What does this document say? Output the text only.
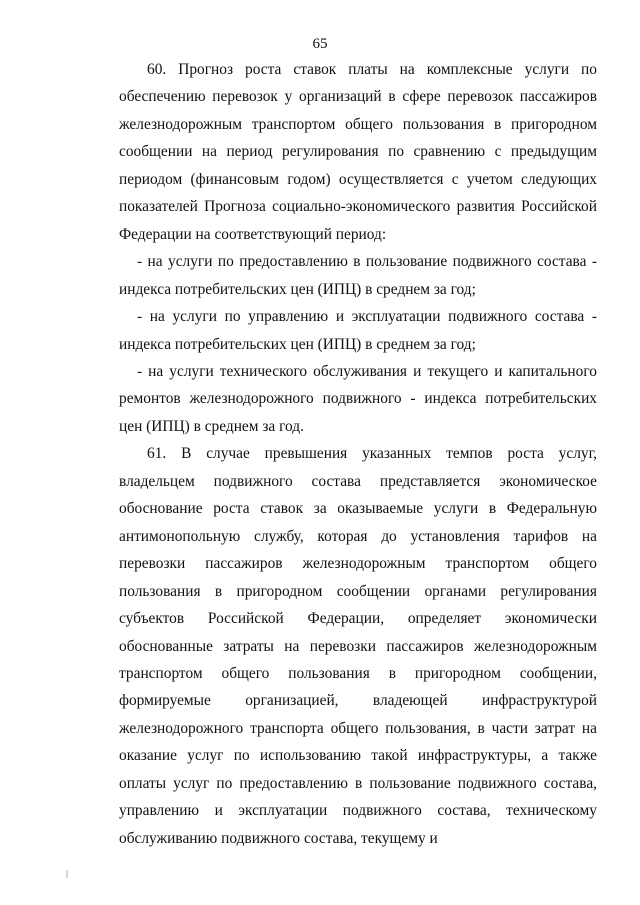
65

60. Прогноз роста ставок платы на комплексные услуги по обеспечению перевозок у организаций в сфере перевозок пассажиров железнодорожным транспортом общего пользования в пригородном сообщении на период регулирования по сравнению с предыдущим периодом (финансовым годом) осуществляется с учетом следующих показателей Прогноза социально-экономического развития Российской Федерации на соответствующий период:

- на услуги по предоставлению в пользование подвижного состава - индекса потребительских цен (ИПЦ) в среднем за год;

- на услуги по управлению и эксплуатации подвижного состава - индекса потребительских цен (ИПЦ) в среднем за год;

- на услуги технического обслуживания и текущего и капитального ремонтов железнодорожного подвижного - индекса потребительских цен (ИПЦ) в среднем за год.

61. В случае превышения указанных темпов роста услуг, владельцем подвижного состава представляется экономическое обоснование роста ставок за оказываемые услуги в Федеральную антимонопольную службу, которая до установления тарифов на перевозки пассажиров железнодорожным транспортом общего пользования в пригородном сообщении органами регулирования субъектов Российской Федерации, определяет экономически обоснованные затраты на перевозки пассажиров железнодорожным транспортом общего пользования в пригородном сообщении, формируемые организацией, владеющей инфраструктурой железнодорожного транспорта общего пользования, в части затрат на оказание услуг по использованию такой инфраструктуры, а также оплаты услуг по предоставлению в пользование подвижного состава, управлению и эксплуатации подвижного состава, техническому обслуживанию подвижного состава, текущему и
